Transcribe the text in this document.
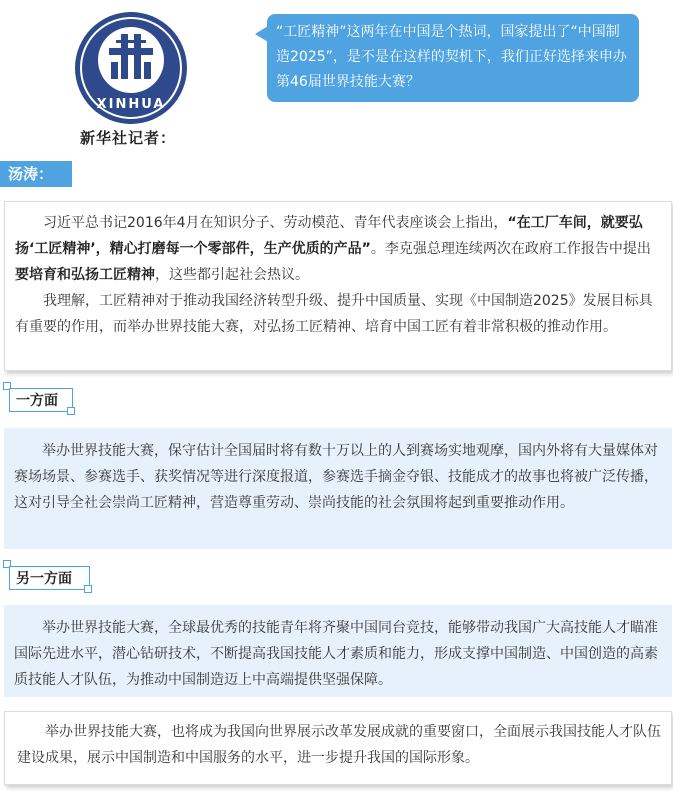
XINHUA
新华社记者：
“工匠精神”这两年在中国是个热词，国家提出了“中国制造2025”，是不是在这样的契机下，我们正好选择来申办第46届世界技能大赛？
汤涛：

习近平总书记2016年4月在知识分子、劳动模范、青年代表座谈会上指出，“在工厂车间，就要弘扬‘工匠精神’，精心打磨每一个零部件，生产优质的产品”。李克强总理连续两次在政府工作报告中提出要培育和弘扬工匠精神，这些都引起社会热议。

我理解，工匠精神对于推动我国经济转型升级、提升中国质量、实现《中国制造2025》发展目标具有重要的作用，而举办世界技能大赛，对弘扬工匠精神、培育中国工匠有着非常积极的推动作用。

一方面

举办世界技能大赛，保守估计全国届时将有数十万以上的人到赛场实地观摩，国内外将有大量媒体对赛场场景、参赛选手、获奖情况等进行深度报道，参赛选手摘金夺银、技能成才的故事也将被广泛传播，这对引导全社会崇尚工匠精神，营造尊重劳动、崇尚技能的社会氛围将起到重要推动作用。

另一方面

举办世界技能大赛，全球最优秀的技能青年将齐聚中国同台竞技，能够带动我国广大高技能人才瞄准国际先进水平，潜心钻研技术，不断提高我国技能人才素质和能力，形成支撑中国制造、中国创造的高素质技能人才队伍，为推动中国制造迈上中高端提供坚强保障。

举办世界技能大赛，也将成为我国向世界展示改革发展成就的重要窗口，全面展示我国技能人才队伍建设成果，展示中国制造和中国服务的水平，进一步提升我国的国际形象。
